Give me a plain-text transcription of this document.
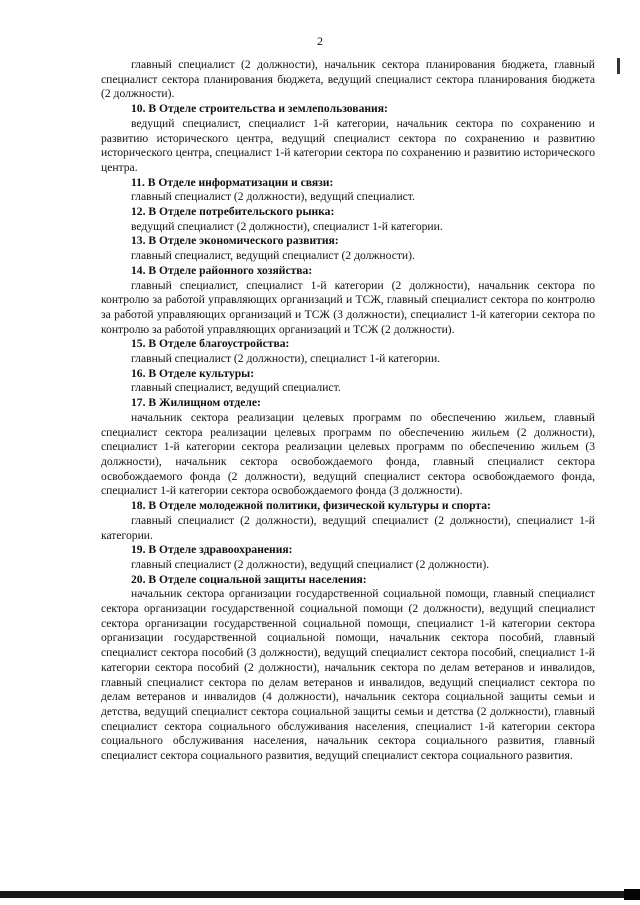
2

главный специалист (2 должности), начальник сектора планирования бюджета, главный специалист сектора планирования бюджета, ведущий специалист сектора планирования бюджета (2 должности).

10. В Отделе строительства и землепользования:

ведущий специалист, специалист 1-й категории, начальник сектора по сохранению и развитию исторического центра, ведущий специалист сектора по сохранению и развитию исторического центра, специалист 1-й категории сектора по сохранению и развитию исторического центра.

11. В Отделе информатизации и связи:

главный специалист (2 должности), ведущий специалист.

12. В Отделе потребительского рынка:

ведущий специалист (2 должности), специалист 1-й категории.

13. В Отделе экономического развития:

главный специалист, ведущий специалист (2 должности).

14. В Отделе районного хозяйства:

главный специалист, специалист 1-й категории (2 должности), начальник сектора по контролю за работой управляющих организаций и ТСЖ, главный специалист сектора по контролю за работой управляющих организаций и ТСЖ (3 должности), специалист 1-й категории сектора по контролю за работой управляющих организаций и ТСЖ (2 должности).

15. В Отделе благоустройства:

главный специалист (2 должности), специалист 1-й категории.

16. В Отделе культуры:

главный специалист, ведущий специалист.

17. В Жилищном отделе:

начальник сектора реализации целевых программ по обеспечению жильем, главный специалист сектора реализации целевых программ по обеспечению жильем (2 должности), специалист 1-й категории сектора реализации целевых программ по обеспечению жильем (3 должности), начальник сектора освобождаемого фонда, главный специалист сектора освобождаемого фонда (2 должности), ведущий специалист сектора освобождаемого фонда, специалист 1-й категории сектора освобождаемого фонда (3 должности).

18. В Отделе молодежной политики, физической культуры и спорта:

главный специалист (2 должности), ведущий специалист (2 должности), специалист 1-й категории.

19. В Отделе здравоохранения:

главный специалист (2 должности), ведущий специалист (2 должности).

20. В Отделе социальной защиты населения:

начальник сектора организации государственной социальной помощи, главный специалист сектора организации государственной социальной помощи (2 должности), ведущий специалист сектора организации государственной социальной помощи, специалист 1-й категории сектора организации государственной социальной помощи, начальник сектора пособий, главный специалист сектора пособий (3 должности), ведущий специалист сектора пособий, специалист 1-й категории сектора пособий (2 должности), начальник сектора по делам ветеранов и инвалидов, главный специалист сектора по делам ветеранов и инвалидов, ведущий специалист сектора по делам ветеранов и инвалидов (4 должности), начальник сектора социальной защиты семьи и детства, ведущий специалист сектора социальной защиты семьи и детства (2 должности), главный специалист сектора социального обслуживания населения, специалист 1-й категории сектора социального обслуживания населения, начальник сектора социального развития, главный специалист сектора социального развития, ведущий специалист сектора социального развития.
